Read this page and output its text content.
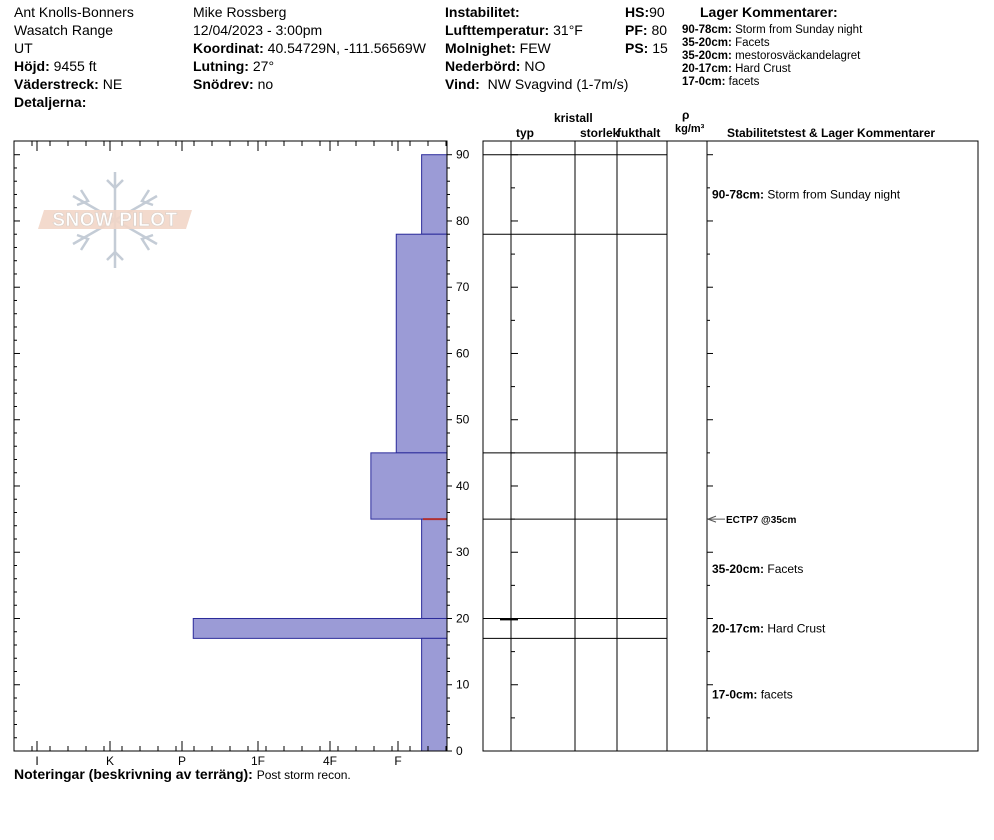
Ant Knolls-Bonners
Wasatch Range
UT
Höjd: 9455 ft
Väderstreck: NE
Detaljerna:
Mike Rossberg
12/04/2023 - 3:00pm
Koordinat: 40.54729N, -111.56569W
Lutning: 27°
Snödrev: no
Instabilitet:
Lufttemperatur: 31°F
Molnighet: FEW
Nederbörd: NO
Vind: NW Svagvind (1-7m/s)
HS:90
PF: 80
PS: 15
Lager Kommentarer:
90-78cm: Storm from Sunday night
35-20cm: Facets
35-20cm: mestorosväckandelagret
20-17cm: Hard Crust
17-0cm: facets
SNOW PILOT
0
10
20
30
40
50
60
70
80
90
I	K	P	1F	4F	F
kristall
typ	storlek
fukthalt
ρ
kg/m³ Stabilitetstest & Lager Kommentarer
ECTP7 @35cm
90-78cm: Storm from Sunday night
35-20cm: Facets
20-17cm: Hard Crust
17-0cm: facets
Noteringar (beskrivning av terräng): Post storm recon.
